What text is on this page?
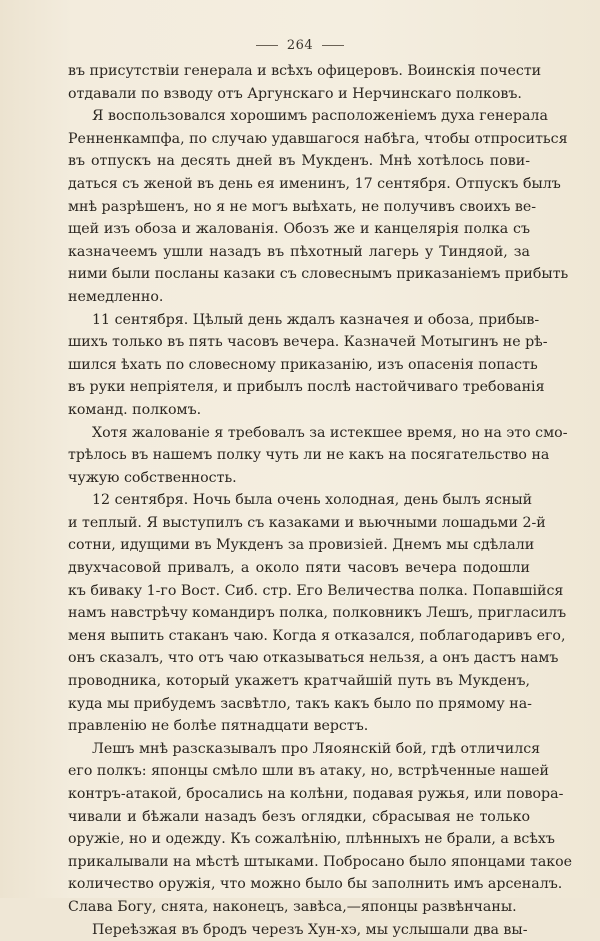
264
въ присутствіи генерала и всѣхъ офицеровъ. Воинскія почести
отдавали по взводу отъ Аргунскаго и Нерчинскаго полковъ.
Я воспользовался хорошимъ расположеніемъ духа генерала
Ренненкампфа, по случаю удавшагося набѣга, чтобы отпроситься
въ отпускъ на десять дней въ Мукденъ. Мнѣ хотѣлось пови-
даться съ женой въ день ея именинъ, 17 сентября. Отпускъ былъ
мнѣ разрѣшенъ, но я не могъ выѣхать, не получивъ своихъ ве-
щей изъ обоза и жалованія. Обозъ же и канцелярія полка съ
казначеемъ ушли назадъ въ пѣхотный лагерь у Тиндяой, за
ними были посланы казаки съ словеснымъ приказаніемъ прибыть
немедленно.
11 сентября. Цѣлый день ждалъ казначея и обоза, прибыв-
шихъ только въ пять часовъ вечера. Казначей Мотыгинъ не рѣ-
шился ѣхать по словесному приказанію, изъ опасенія попасть
въ руки непріятеля, и прибылъ послѣ настойчиваго требованія
команд. полкомъ.
Хотя жалованіе я требовалъ за истекшее время, но на это смо-
трѣлось въ нашемъ полку чуть ли не какъ на посягательство на
чужую собственность.
12 сентября. Ночь была очень холодная, день былъ ясный
и теплый. Я выступилъ съ казаками и вьючными лошадьми 2-й
сотни, идущими въ Мукденъ за провизіей. Днемъ мы сдѣлали
двухчасовой привалъ, а около пяти часовъ вечера подошли
къ биваку 1-го Вост. Сиб. стр. Его Величества полка. Попавшійся
намъ навстрѣчу командиръ полка, полковникъ Лешъ, пригласилъ
меня выпить стаканъ чаю. Когда я отказался, поблагодаривъ его,
онъ сказалъ, что отъ чаю отказываться нельзя, а онъ дастъ намъ
проводника, который укажетъ кратчайшій путь въ Мукденъ,
куда мы прибудемъ засвѣтло, такъ какъ было по прямому на-
правленію не болѣе пятнадцати верстъ.
Лешъ мнѣ разсказывалъ про Ляоянскій бой, гдѣ отличился
его полкъ: японцы смѣло шли въ атаку, но, встрѣченные нашей
контръ-атакой, бросались на колѣни, подавая ружья, или поворa-
чивали и бѣжали назадъ безъ оглядки, сбрасывая не только
оружіе, но и одежду. Къ сожалѣнію, плѣнныхъ не брали, а всѣхъ
прикалывали на мѣстѣ штыками. Побросано было японцами такое
количество оружія, что можно было бы заполнить имъ арсеналъ.
Слава Богу, снята, наконецъ, завѣса,—японцы развѣнчаны.
Переѣзжая въ бродъ черезъ Хун-хэ, мы услышали два вы-
